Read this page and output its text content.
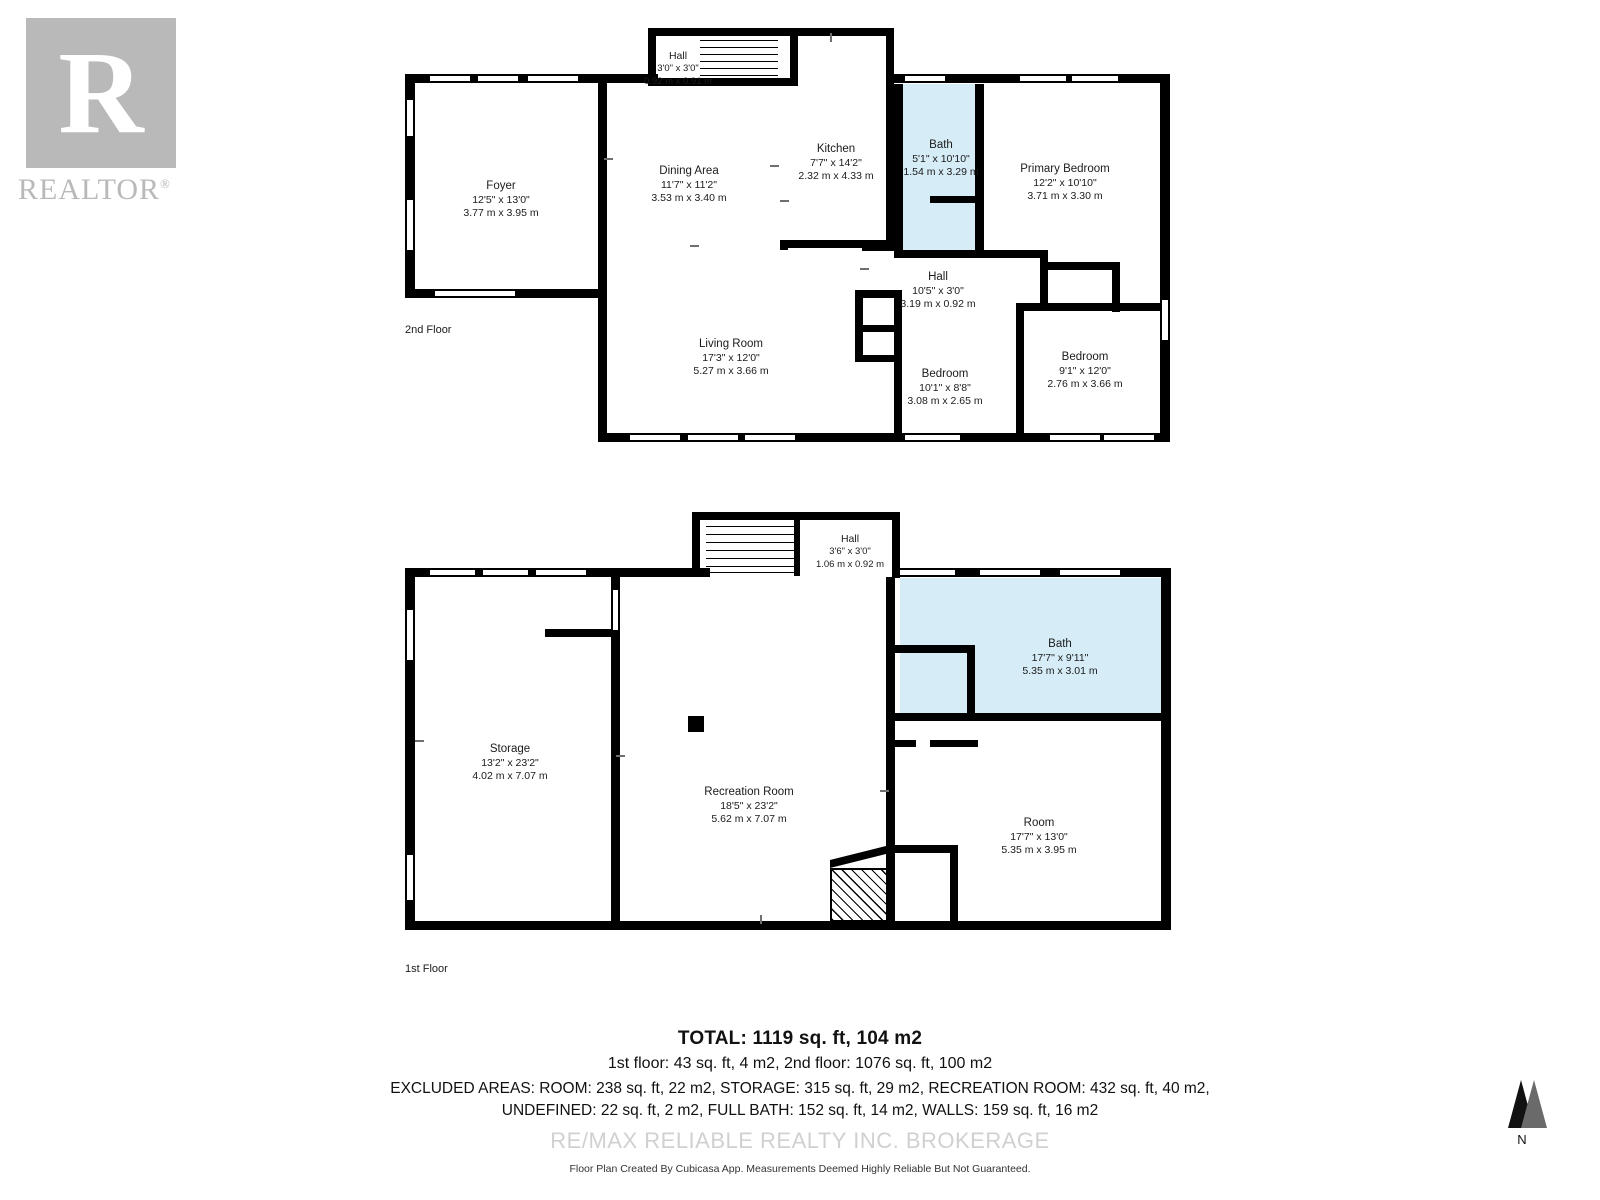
R
REALTOR®
Hall
3'0" x 3'0"
0.92 m x 0.91 m
Kitchen
7'7" x 14'2"
2.32 m x 4.33 m
Bath
5'1" x 10'10"
1.54 m x 3.29 m	Primary Bedroom
12'2" x 10'10"
3.71 m x 3.30 m
Foyer
12'5" x 13'0"
3.77 m x 3.95 m
Dining Area
11'7" x 11'2"
3.53 m x 3.40 m
Hall
10'5" x 3'0"
3.19 m x 0.92 m
Living Room
17'3" x 12'0"
5.27 m x 3.66 m	Bedroom
10'1" x 8'8"
3.08 m x 2.65 m
Bedroom
9'1" x 12'0"
2.76 m x 3.66 m
2nd Floor
Hall
3'6" x 3'0"
1.06 m x 0.92 m
Bath
17'7" x 9'11"
5.35 m x 3.01 m
Storage
13'2" x 23'2"
4.02 m x 7.07 m
Recreation Room
18'5" x 23'2"
5.62 m x 7.07 m	Room
17'7" x 13'0"
5.35 m x 3.95 m
1st Floor
TOTAL: 1119 sq. ft, 104 m2
1st floor: 43 sq. ft, 4 m2, 2nd floor: 1076 sq. ft, 100 m2
EXCLUDED AREAS: ROOM: 238 sq. ft, 22 m2, STORAGE: 315 sq. ft, 29 m2, RECREATION ROOM: 432 sq. ft, 40 m2,
UNDEFINED: 22 sq. ft, 2 m2, FULL BATH: 152 sq. ft, 14 m2, WALLS: 159 sq. ft, 16 m2
RE/MAX RELIABLE REALTY INC. BROKERAGE
Floor Plan Created By Cubicasa App. Measurements Deemed Highly Reliable But Not Guaranteed.
N
